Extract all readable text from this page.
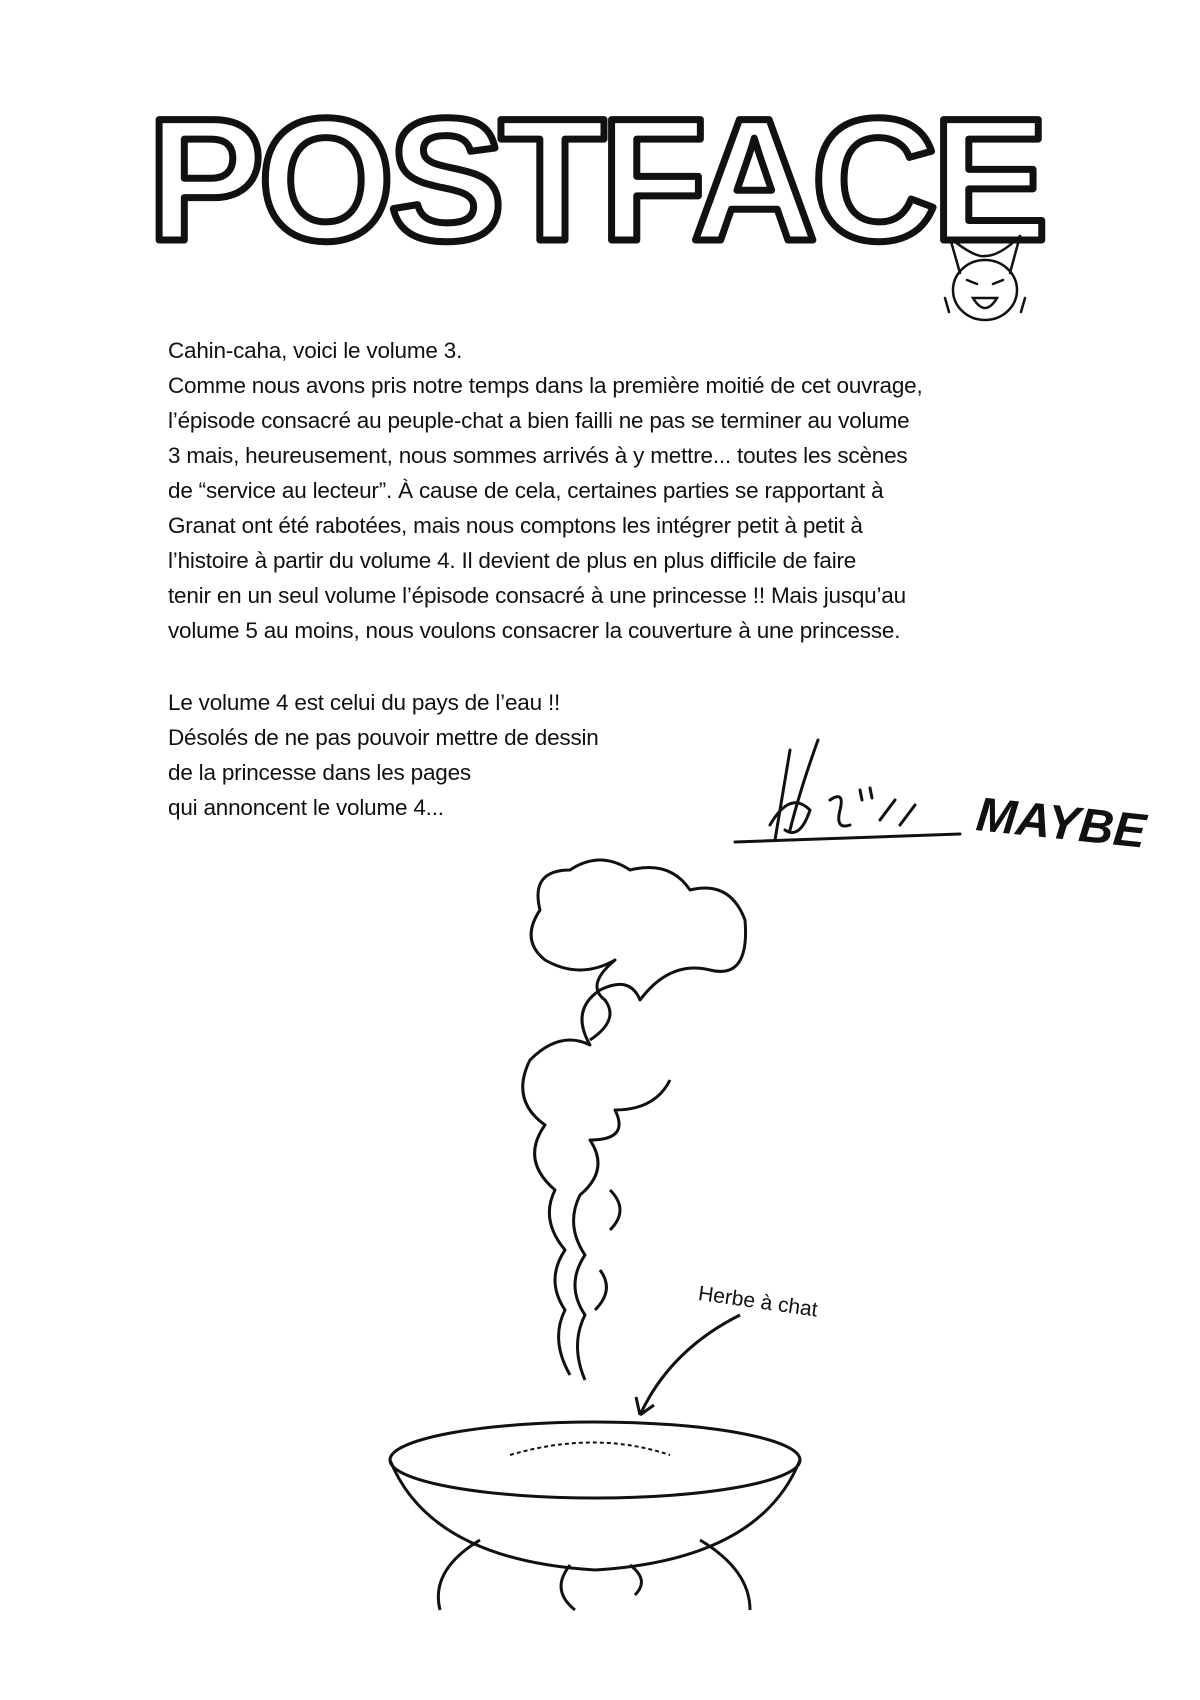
POSTFACE
Cahin-caha, voici le volume 3.
Comme nous avons pris notre temps dans la première moitié de cet ouvrage,
l’épisode consacré au peuple-chat a bien failli ne pas se terminer au volume
3 mais, heureusement, nous sommes arrivés à y mettre... toutes les scènes
de “service au lecteur”. À cause de cela, certaines parties se rapportant à
Granat ont été rabotées, mais nous comptons les intégrer petit à petit à
l’histoire à partir du volume 4. Il devient de plus en plus difficile de faire
tenir en un seul volume l’épisode consacré à une princesse !! Mais jusqu’au
volume 5 au moins, nous voulons consacrer la couverture à une princesse.
Le volume 4 est celui du pays de l’eau !!
Désolés de ne pas pouvoir mettre de dessin
de la princesse dans les pages
qui annoncent le volume 4...	MAYBE
Herbe à chat
